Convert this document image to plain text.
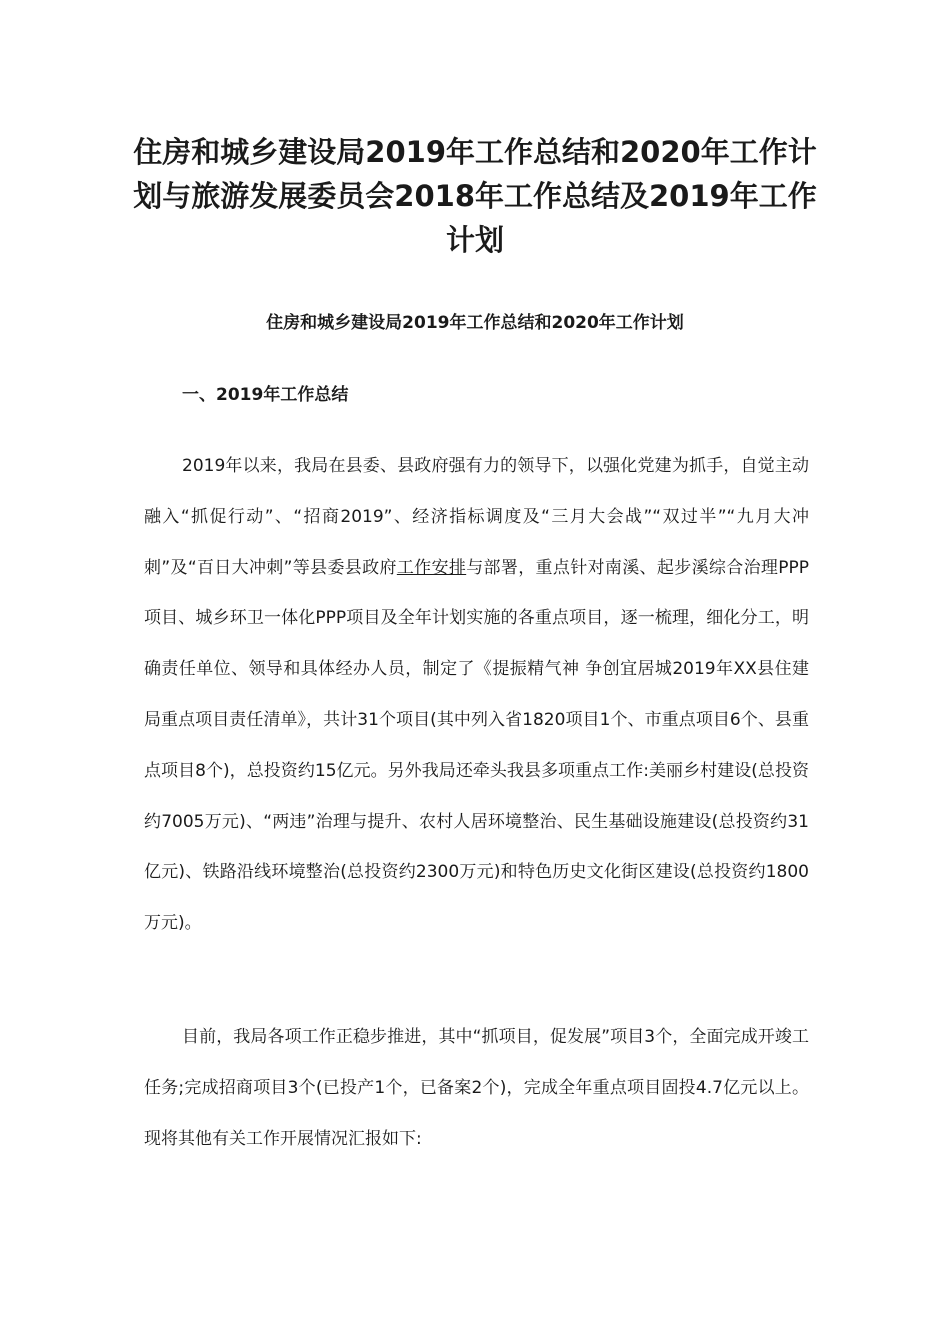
住房和城乡建设局2019年工作总结和2020年工作计划与旅游发展委员会2018年工作总结及2019年工作计划
住房和城乡建设局2019年工作总结和2020年工作计划
一、2019年工作总结

2019年以来，我局在县委、县政府强有力的领导下，以强化党建为抓手，自觉主动融入“抓促行动”、“招商2019”、经济指标调度及“三月大会战”“双过半”“九月大冲刺”及“百日大冲刺”等县委县政府工作安排与部署，重点针对南溪、起步溪综合治理PPP项目、城乡环卫一体化PPP项目及全年计划实施的各重点项目，逐一梳理，细化分工，明确责任单位、领导和具体经办人员，制定了《提振精气神 争创宜居城2019年XX县住建局重点项目责任清单》，共计31个项目(其中列入省1820项目1个、市重点项目6个、县重点项目8个)，总投资约15亿元。另外我局还牵头我县多项重点工作:美丽乡村建设(总投资约7005万元)、“两违”治理与提升、农村人居环境整治、民生基础设施建设(总投资约31亿元)、铁路沿线环境整治(总投资约2300万元)和特色历史文化街区建设(总投资约1800万元)。

目前，我局各项工作正稳步推进，其中“抓项目，促发展”项目3个，全面完成开竣工任务;完成招商项目3个(已投产1个，已备案2个)，完成全年重点项目固投4.7亿元以上。现将其他有关工作开展情况汇报如下:
